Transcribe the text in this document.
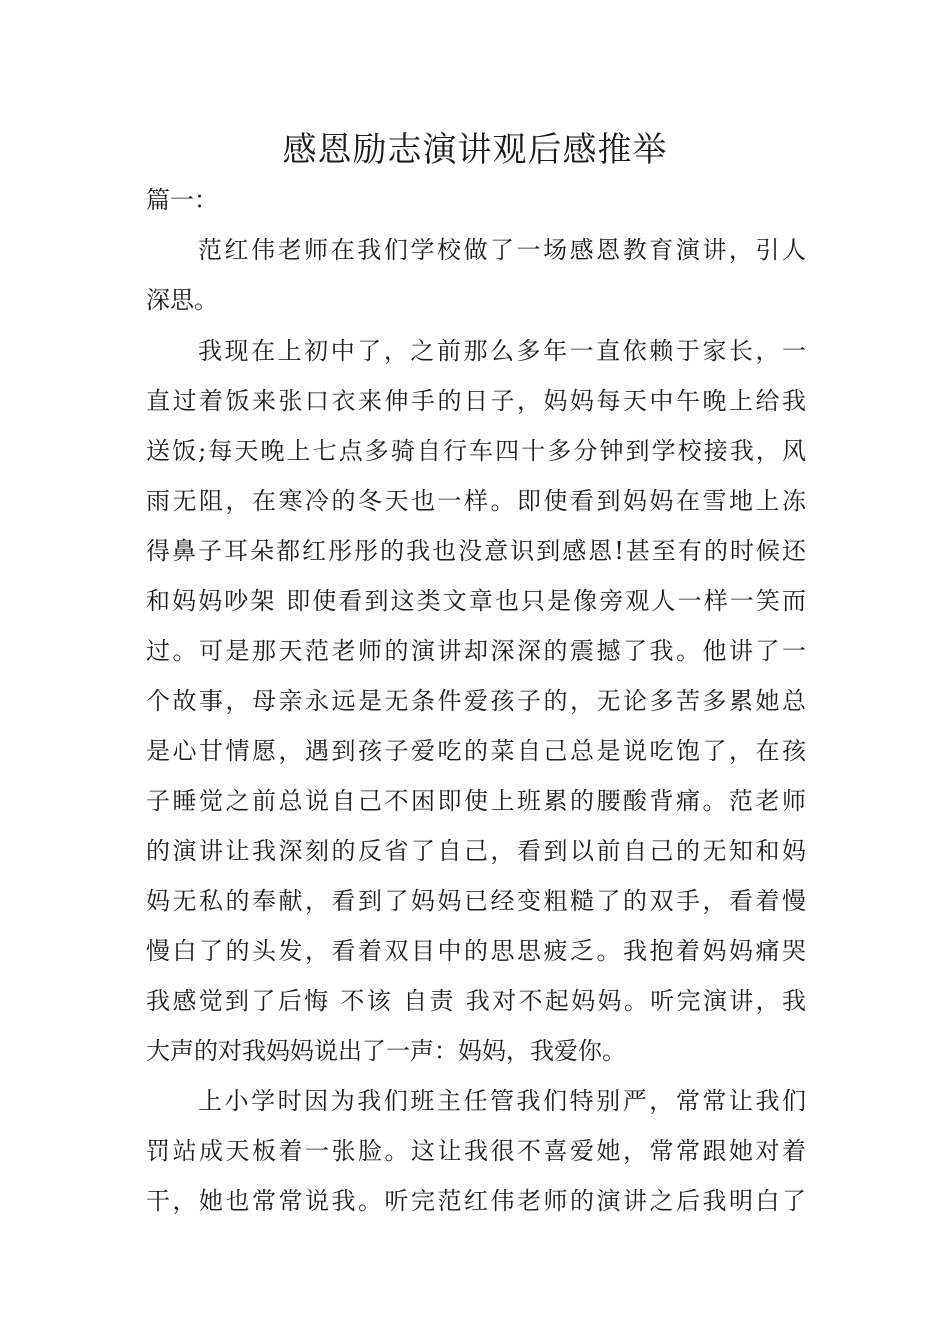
感恩励志演讲观后感推举

篇一：

范红伟老师在我们学校做了一场感恩教育演讲，引人

深思。

我现在上初中了，之前那么多年一直依赖于家长，一

直过着饭来张口衣来伸手的日子，妈妈每天中午晚上给我

送饭;每天晚上七点多骑自行车四十多分钟到学校接我，风

雨无阻，在寒冷的冬天也一样。即使看到妈妈在雪地上冻

得鼻子耳朵都红彤彤的我也没意识到感恩!甚至有的时候还

和妈妈吵架 即使看到这类文章也只是像旁观人一样一笑而

过。可是那天范老师的演讲却深深的震撼了我。他讲了一

个故事，母亲永远是无条件爱孩子的，无论多苦多累她总

是心甘情愿，遇到孩子爱吃的菜自己总是说吃饱了，在孩

子睡觉之前总说自己不困即使上班累的腰酸背痛。范老师

的演讲让我深刻的反省了自己，看到以前自己的无知和妈

妈无私的奉献，看到了妈妈已经变粗糙了的双手，看着慢

慢白了的头发，看着双目中的思思疲乏。我抱着妈妈痛哭

我感觉到了后悔 不该 自责 我对不起妈妈。听完演讲，我

大声的对我妈妈说出了一声：妈妈，我爱你。

上小学时因为我们班主任管我们特别严，常常让我们

罚站成天板着一张脸。这让我很不喜爱她，常常跟她对着

干，她也常常说我。听完范红伟老师的演讲之后我明白了
